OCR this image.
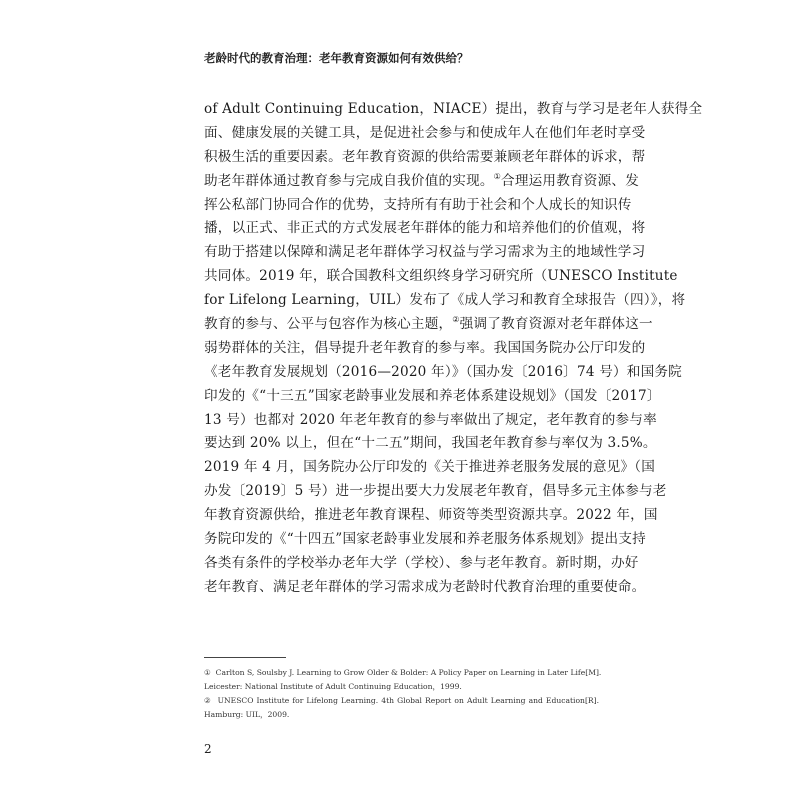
老龄时代的教育治理：老年教育资源如何有效供给？
of Adult Continuing Education，NIACE）提出，教育与学习是老年人获得全
面、健康发展的关键工具，是促进社会参与和使成年人在他们年老时享受
积极生活的重要因素。老年教育资源的供给需要兼顾老年群体的诉求，帮
助老年群体通过教育参与完成自我价值的实现。①合理运用教育资源、发
挥公私部门协同合作的优势，支持所有有助于社会和个人成长的知识传
播，以正式、非正式的方式发展老年群体的能力和培养他们的价值观，将
有助于搭建以保障和满足老年群体学习权益与学习需求为主的地域性学习
共同体。2019 年，联合国教科文组织终身学习研究所（UNESCO Institute
for Lifelong Learning，UIL）发布了《成人学习和教育全球报告（四）》，将
教育的参与、公平与包容作为核心主题，②强调了教育资源对老年群体这一
弱势群体的关注，倡导提升老年教育的参与率。我国国务院办公厅印发的
《老年教育发展规划（2016—2020 年）》（国办发〔2016〕74 号）和国务院
印发的《“十三五”国家老龄事业发展和养老体系建设规划》（国发〔2017〕
13 号）也都对 2020 年老年教育的参与率做出了规定，老年教育的参与率
要达到 20% 以上，但在“十二五”期间，我国老年教育参与率仅为 3.5%。
2019 年 4 月，国务院办公厅印发的《关于推进养老服务发展的意见》（国
办发〔2019〕5 号）进一步提出要大力发展老年教育，倡导多元主体参与老
年教育资源供给，推进老年教育课程、师资等类型资源共享。2022 年，国
务院印发的《“十四五”国家老龄事业发展和养老服务体系规划》提出支持
各类有条件的学校举办老年大学（学校）、参与老年教育。新时期，办好
老年教育、满足老年群体的学习需求成为老龄时代教育治理的重要使命。
① Carlton S, Soulsby J. Learning to Grow Older & Bolder: A Policy Paper on Learning in Later Life[M].
Leicester: National Institute of Adult Continuing Education，1999.
② UNESCO Institute for Lifelong Learning. 4th Global Report on Adult Learning and Education[R].
Hamburg: UIL，2009.
2
